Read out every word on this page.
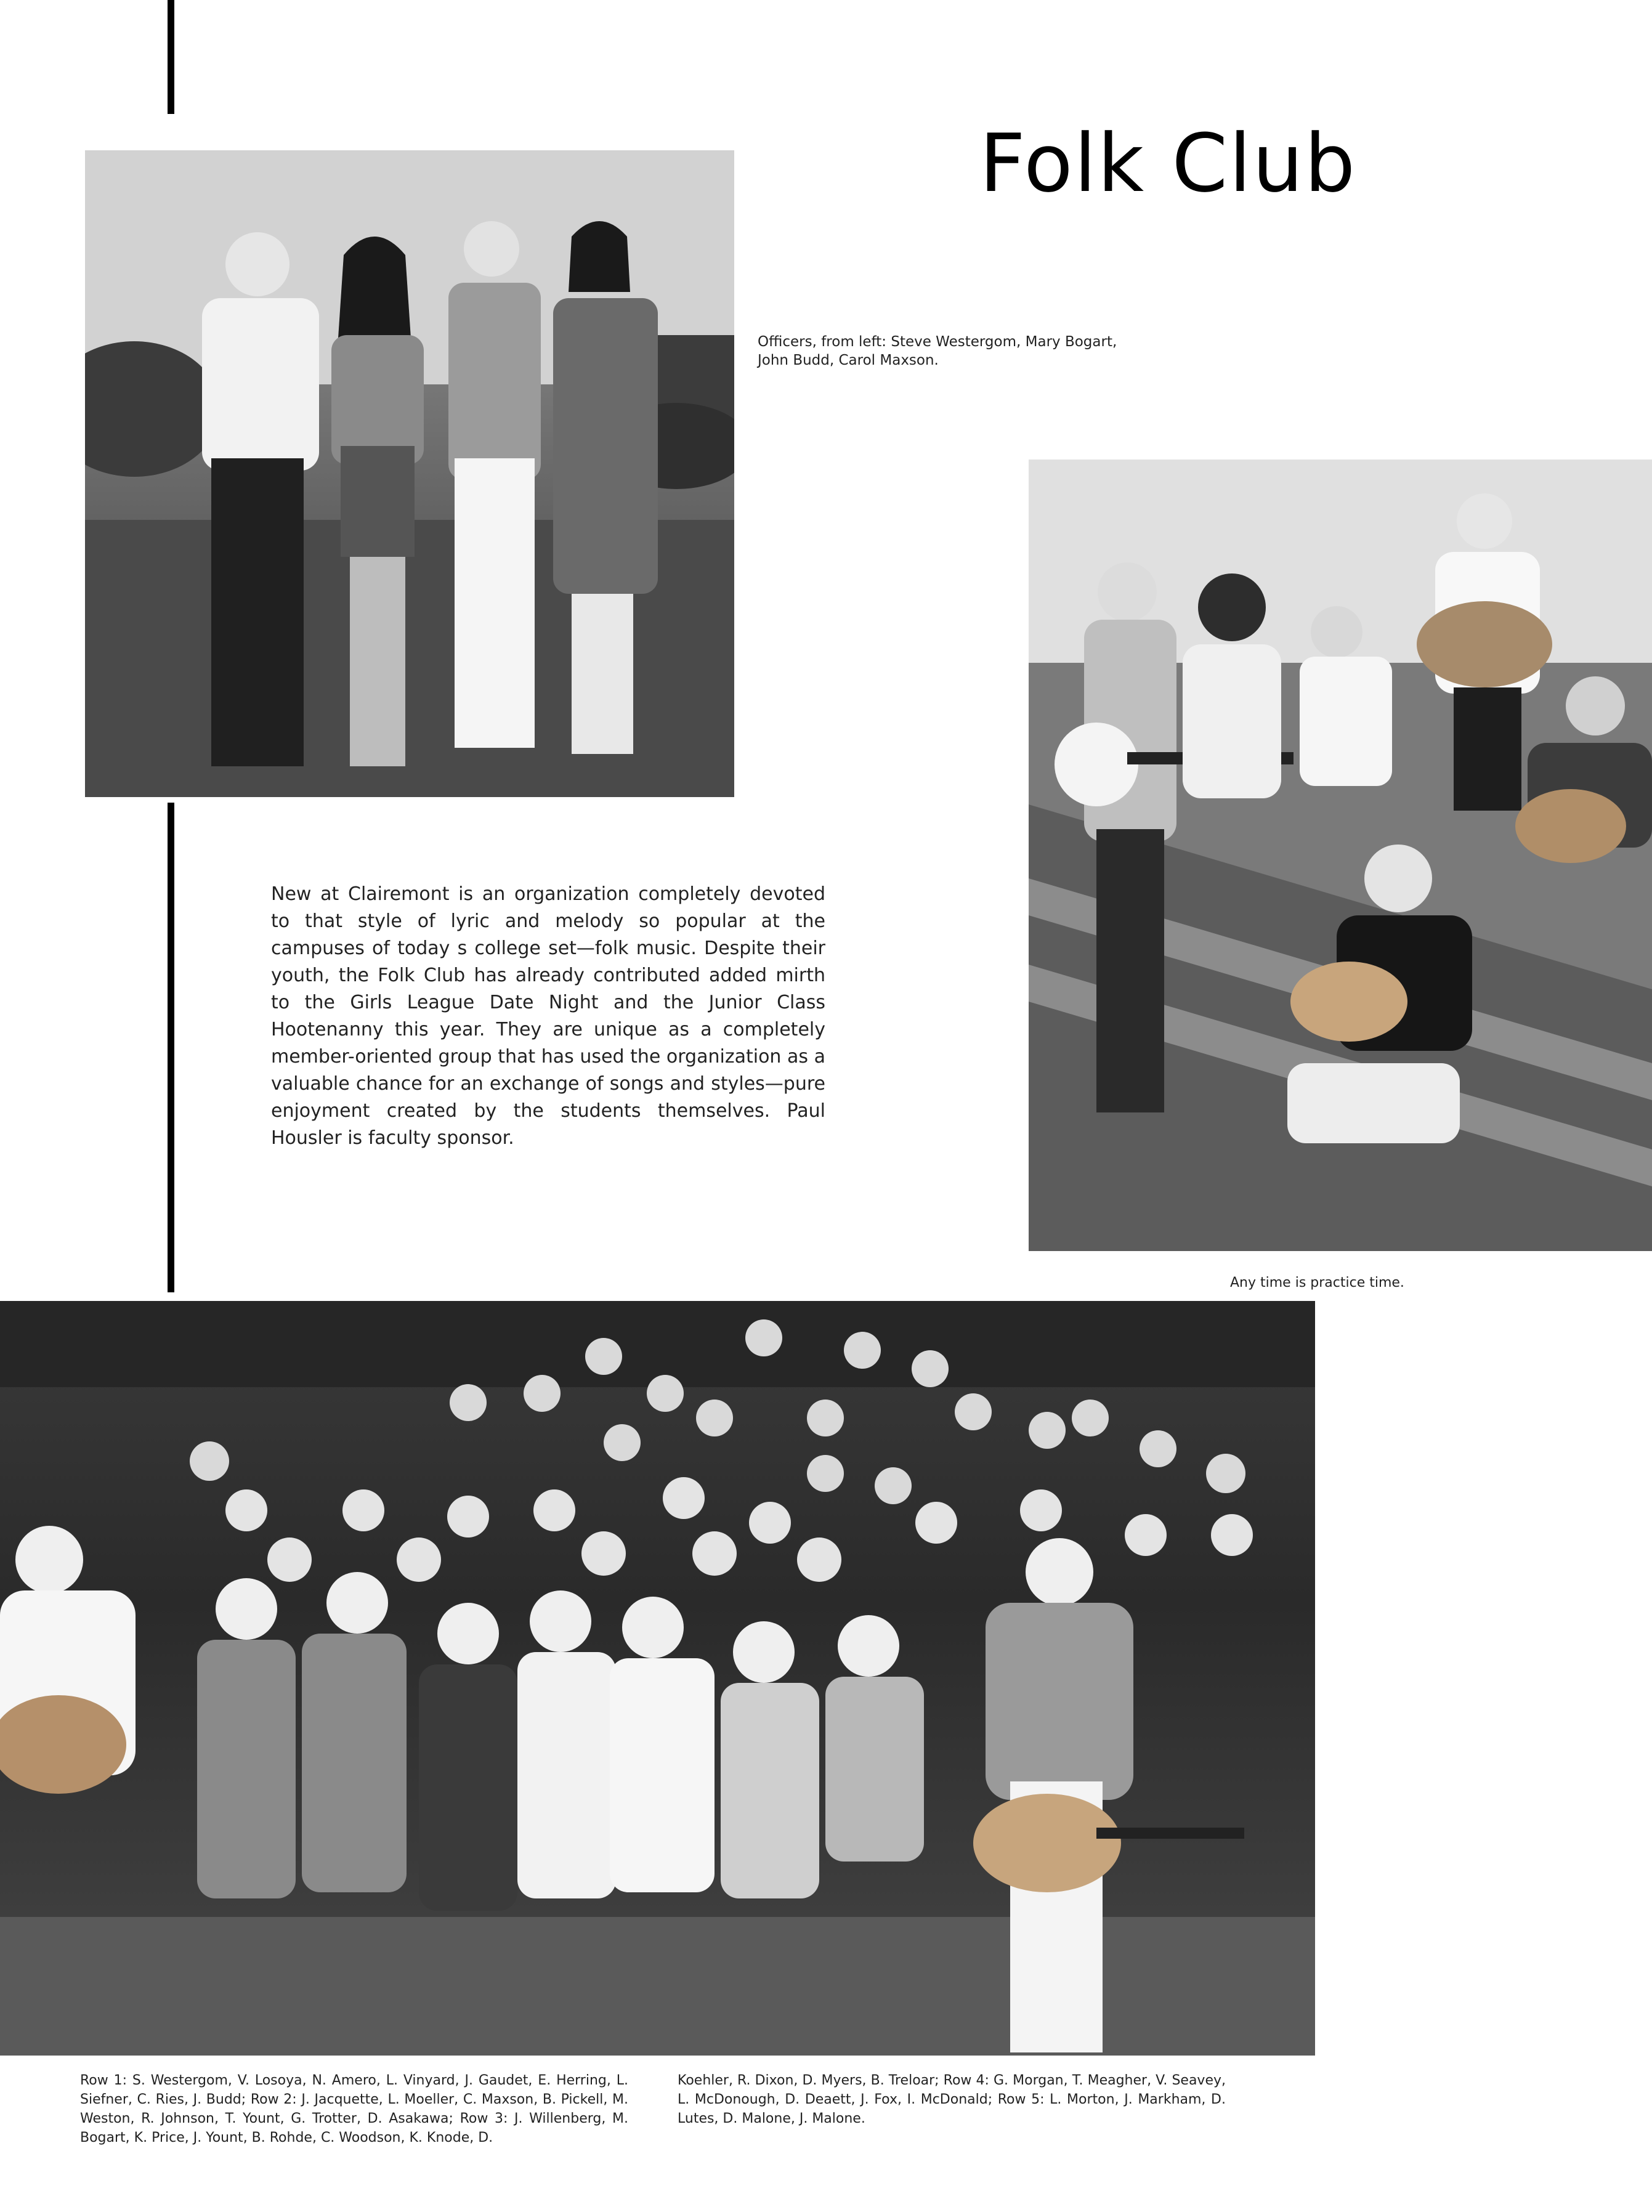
Folk Club

Officers, from left: Steve Westergom, Mary Bogart, John Budd, Carol Maxson.

Any time is practice time.

New at Clairemont is an organization completely devoted to that style of lyric and melody so popular at the campuses of today s college set—folk music. Despite their youth, the Folk Club has already contributed added mirth to the Girls League Date Night and the Junior Class Hootenanny this year. They are unique as a completely member-oriented group that has used the organization as a valuable chance for an exchange of songs and styles—pure enjoyment created by the students themselves. Paul Housler is faculty sponsor.

Row 1: S. Westergom, V. Losoya, N. Amero, L. Vinyard, J. Gaudet, E. Herring, L. Siefner, C. Ries, J. Budd; Row 2: J. Jacquette, L. Moeller, C. Maxson, B. Pickell, M. Weston, R. Johnson, T. Yount, G. Trotter, D. Asakawa; Row 3: J. Willenberg, M. Bogart, K. Price, J. Yount, B. Rohde, C. Woodson, K. Knode, D.

Koehler, R. Dixon, D. Myers, B. Treloar; Row 4: G. Morgan, T. Meagher, V. Seavey, L. McDonough, D. Deaett, J. Fox, I. McDonald; Row 5: L. Morton, J. Markham, D. Lutes, D. Malone, J. Malone.
